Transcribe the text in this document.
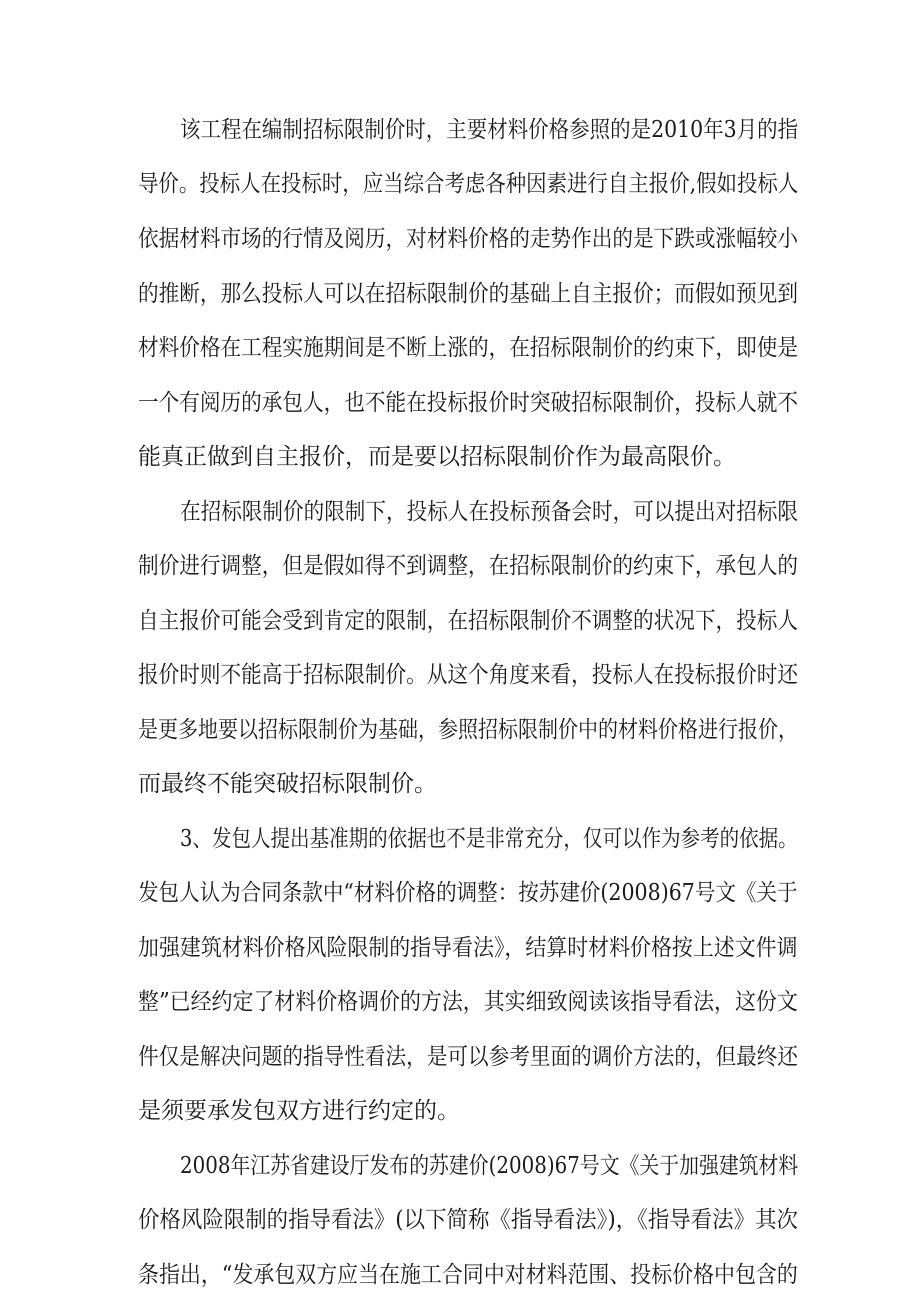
该工程在编制招标限制价时，主要材料价格参照的是2010年3月的指
导价。投标人在投标时，应当综合考虑各种因素进行自主报价,假如投标人
依据材料市场的行情及阅历，对材料价格的走势作出的是下跌或涨幅较小
的推断，那么投标人可以在招标限制价的基础上自主报价；而假如预见到
材料价格在工程实施期间是不断上涨的，在招标限制价的约束下，即使是
一个有阅历的承包人，也不能在投标报价时突破招标限制价，投标人就不
能真正做到自主报价，而是要以招标限制价作为最高限价。
在招标限制价的限制下，投标人在投标预备会时，可以提出对招标限
制价进行调整，但是假如得不到调整，在招标限制价的约束下，承包人的
自主报价可能会受到肯定的限制，在招标限制价不调整的状况下，投标人
报价时则不能高于招标限制价。从这个角度来看，投标人在投标报价时还
是更多地要以招标限制价为基础，参照招标限制价中的材料价格进行报价，
而最终不能突破招标限制价。
3、发包人提出基准期的依据也不是非常充分，仅可以作为参考的依据。
发包人认为合同条款中“材料价格的调整：按苏建价(2008)67号文《关于
加强建筑材料价格风险限制的指导看法》，结算时材料价格按上述文件调
整”已经约定了材料价格调价的方法，其实细致阅读该指导看法，这份文
件仅是解决问题的指导性看法，是可以参考里面的调价方法的，但最终还
是须要承发包双方进行约定的。
2008年江苏省建设厅发布的苏建价(2008)67号文《关于加强建筑材料
价格风险限制的指导看法》(以下简称《指导看法》)，《指导看法》其次
条指出，“发承包双方应当在施工合同中对材料范围、投标价格中包含的
